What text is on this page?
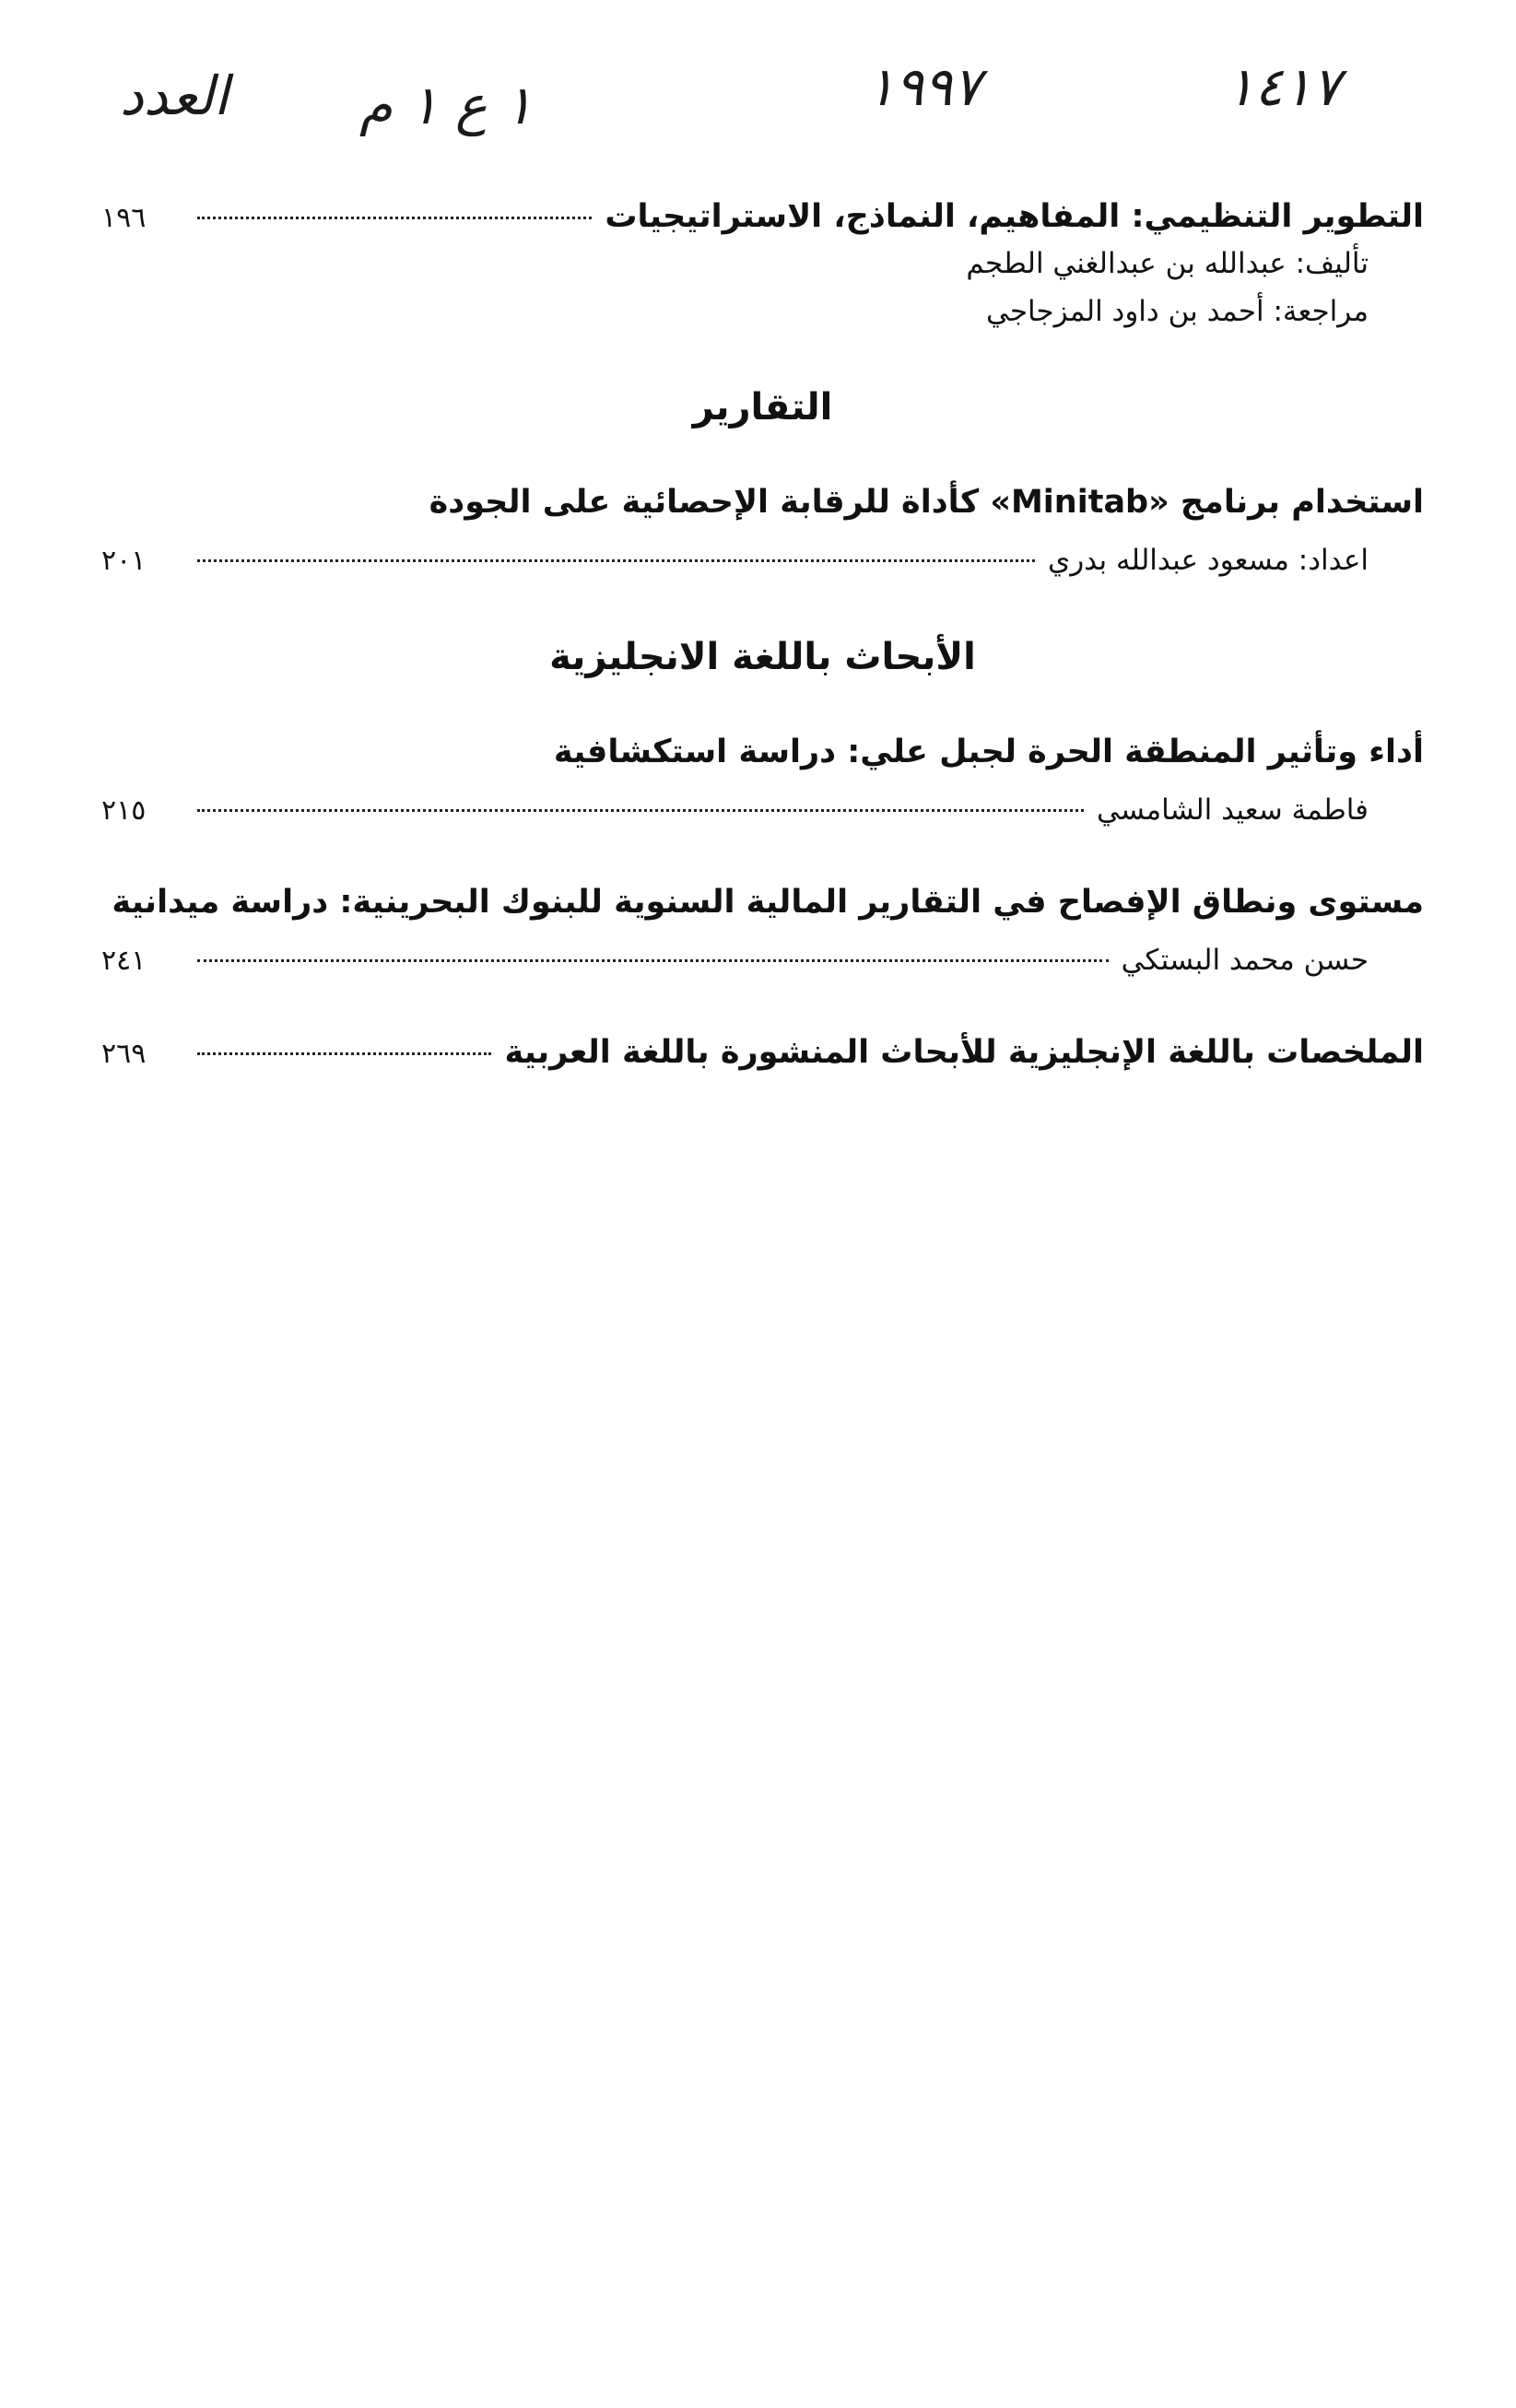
ﺍﻟﻌﺪﺩ ١ ع ١ م	١٩٩٧	١٤١٧
التطوير التنظيمي: المفاهيم، النماذج، الاستراتيجيات
١٩٦

تأليف: عبدالله بن عبدالغني الطجم

مراجعة: أحمد بن داود المزجاجي

التقارير

استخدام برنامج «Minitab» كأداة للرقابة الإحصائية على الجودة

اعداد: مسعود عبدالله بدري
٢٠١
الأبحاث باللغة الانجليزية

أداء وتأثير المنطقة الحرة لجبل علي: دراسة استكشافية

فاطمة سعيد الشامسي
٢١٥

مستوى ونطاق الإفصاح في التقارير المالية السنوية للبنوك البحرينية: دراسة ميدانية

حسن محمد البستكي
٢٤١
الملخصات باللغة الإنجليزية للأبحاث المنشورة باللغة العربية
٢٦٩
